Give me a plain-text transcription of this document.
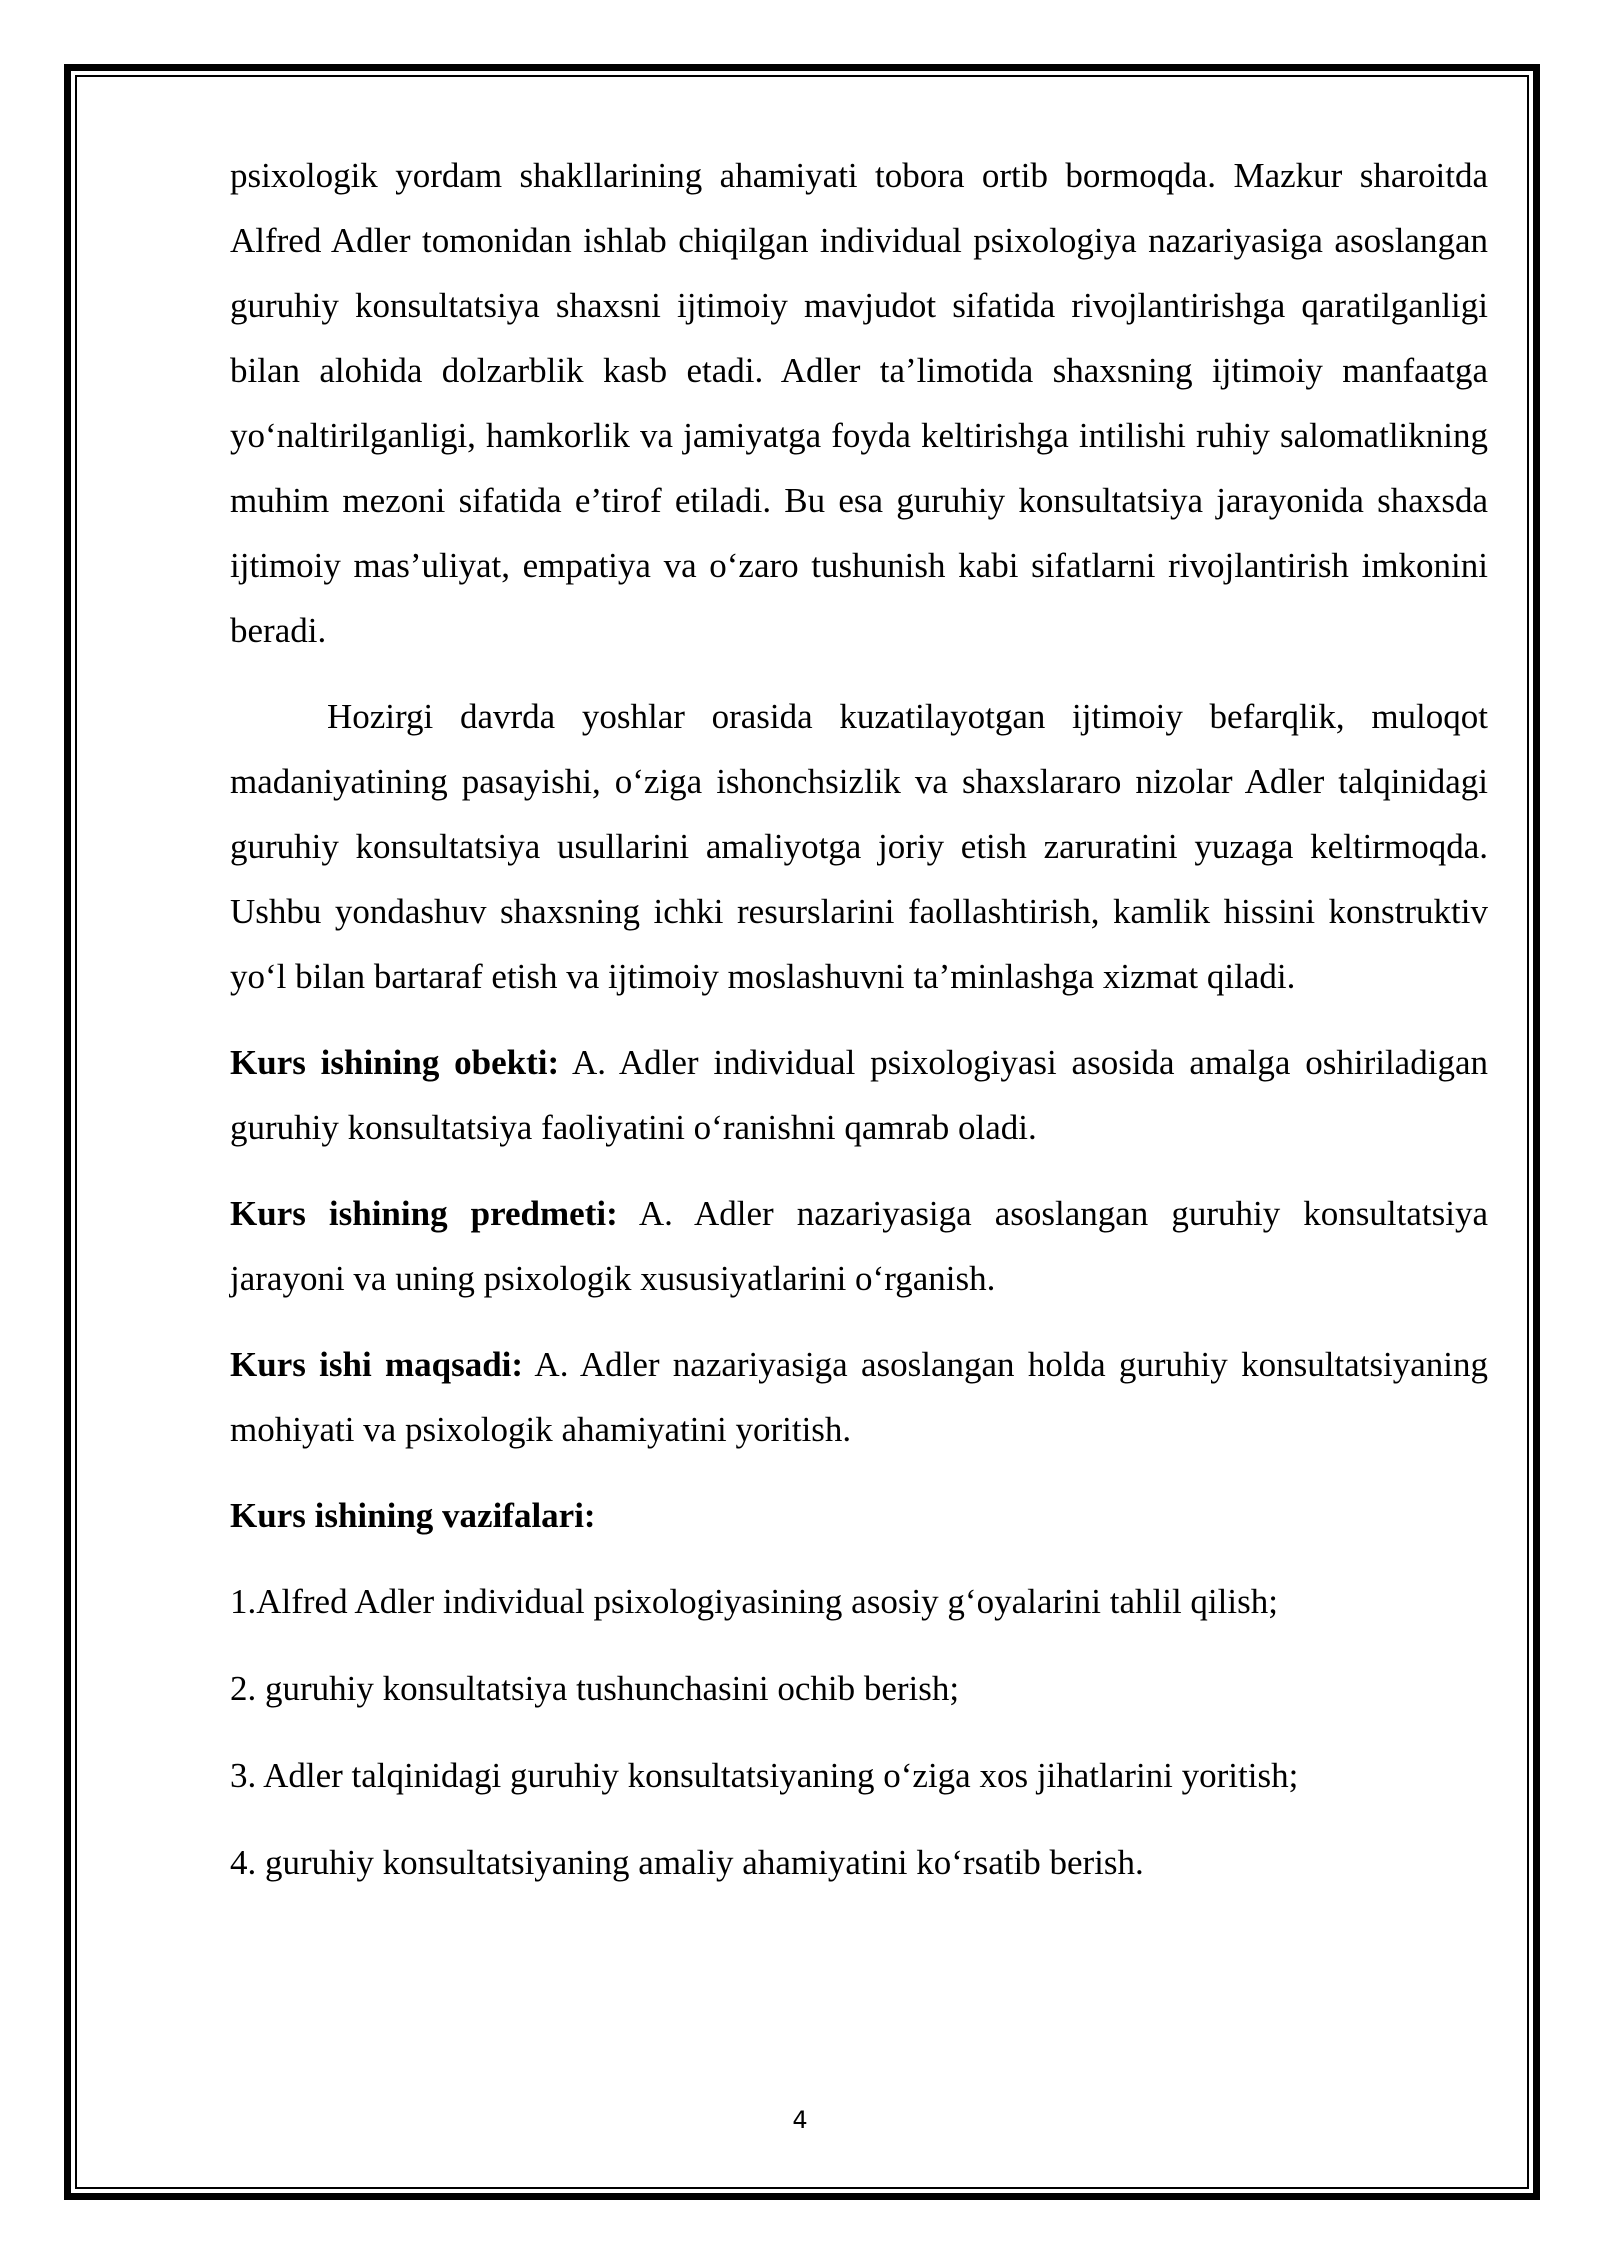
psixologik yordam shakllarining ahamiyati tobora ortib bormoqda. Mazkur sharoitda Alfred Adler tomonidan ishlab chiqilgan individual psixologiya nazariyasiga asoslangan guruhiy konsultatsiya shaxsni ijtimoiy mavjudot sifatida rivojlantirishga qaratilganligi bilan alohida dolzarblik kasb etadi. Adler ta’limotida shaxsning ijtimoiy manfaatga yo‘naltirilganligi, hamkorlik va jamiyatga foyda keltirishga intilishi ruhiy salomatlikning muhim mezoni sifatida e’tirof etiladi. Bu esa guruhiy konsultatsiya jarayonida shaxsda ijtimoiy mas’uliyat, empatiya va o‘zaro tushunish kabi sifatlarni rivojlantirish imkonini beradi.

Hozirgi davrda yoshlar orasida kuzatilayotgan ijtimoiy befarqlik, muloqot madaniyatining pasayishi, o‘ziga ishonchsizlik va shaxslararo nizolar Adler talqinidagi guruhiy konsultatsiya usullarini amaliyotga joriy etish zaruratini yuzaga keltirmoqda. Ushbu yondashuv shaxsning ichki resurslarini faollashtirish, kamlik hissini konstruktiv yo‘l bilan bartaraf etish va ijtimoiy moslashuvni ta’minlashga xizmat qiladi.

Kurs ishining obekti: A. Adler individual psixologiyasi asosida amalga oshiriladigan guruhiy konsultatsiya faoliyatini o‘ranishni qamrab oladi.

Kurs ishining predmeti: A. Adler nazariyasiga asoslangan guruhiy konsultatsiya jarayoni va uning psixologik xususiyatlarini o‘rganish.

Kurs ishi maqsadi: A. Adler nazariyasiga asoslangan holda guruhiy konsultatsiyaning mohiyati va psixologik ahamiyatini yoritish.

Kurs ishining vazifalari:

1.Alfred Adler individual psixologiyasining asosiy g‘oyalarini tahlil qilish;
2. guruhiy konsultatsiya tushunchasini ochib berish;
3. Adler talqinidagi guruhiy konsultatsiyaning o‘ziga xos jihatlarini yoritish;
4. guruhiy konsultatsiyaning amaliy ahamiyatini ko‘rsatib berish.
4
